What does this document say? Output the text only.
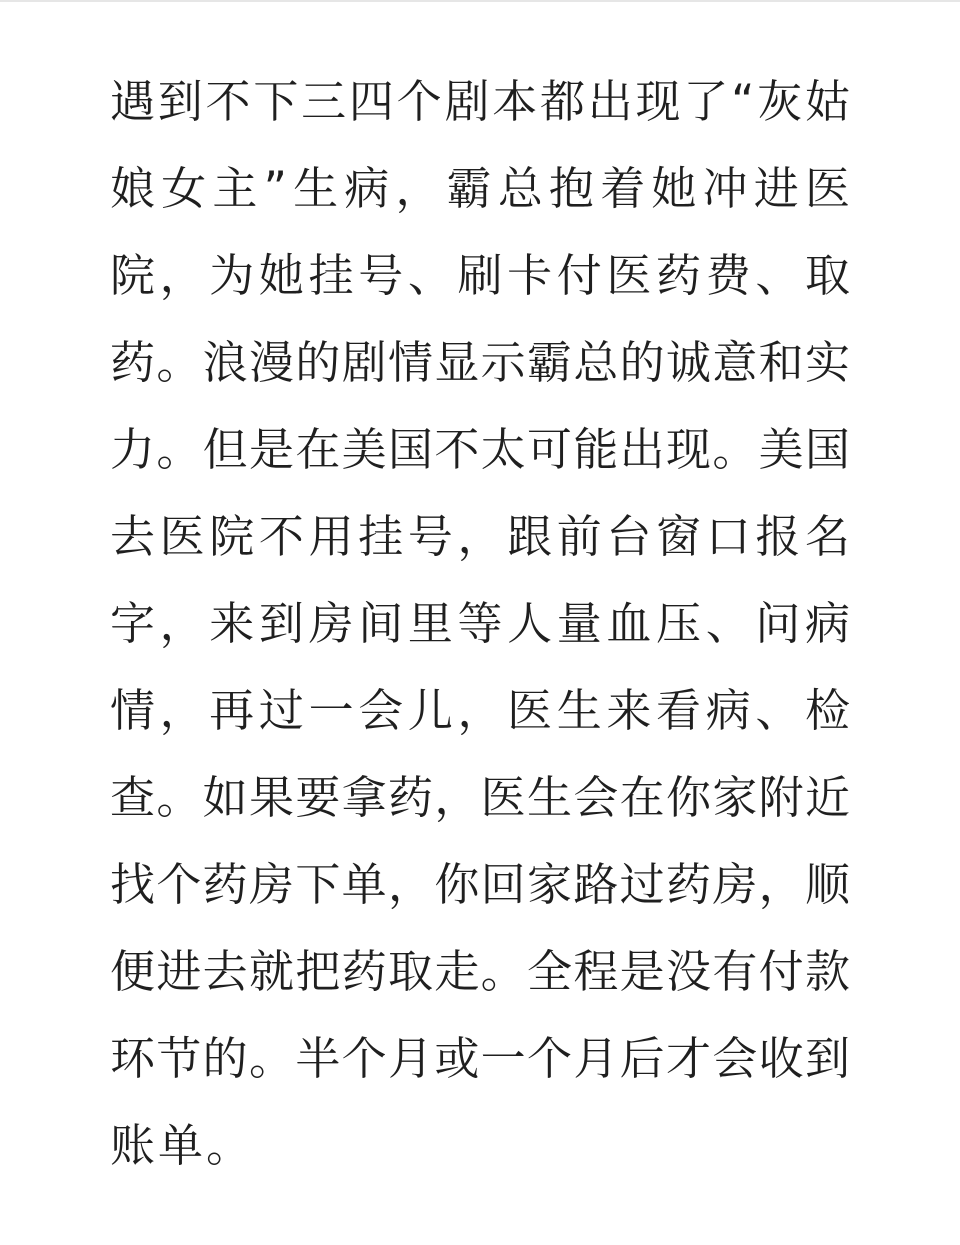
遇到不下三四个剧本都出现了“灰姑
娘女主”生病，霸总抱着她冲进医
院，为她挂号、刷卡付医药费、取
药。浪漫的剧情显示霸总的诚意和实
力。但是在美国不太可能出现。美国
去医院不用挂号，跟前台窗口报名
字，来到房间里等人量血压、问病
情，再过一会儿，医生来看病、检
查。如果要拿药，医生会在你家附近
找个药房下单，你回家路过药房，顺
便进去就把药取走。全程是没有付款
环节的。半个月或一个月后才会收到
账单。
